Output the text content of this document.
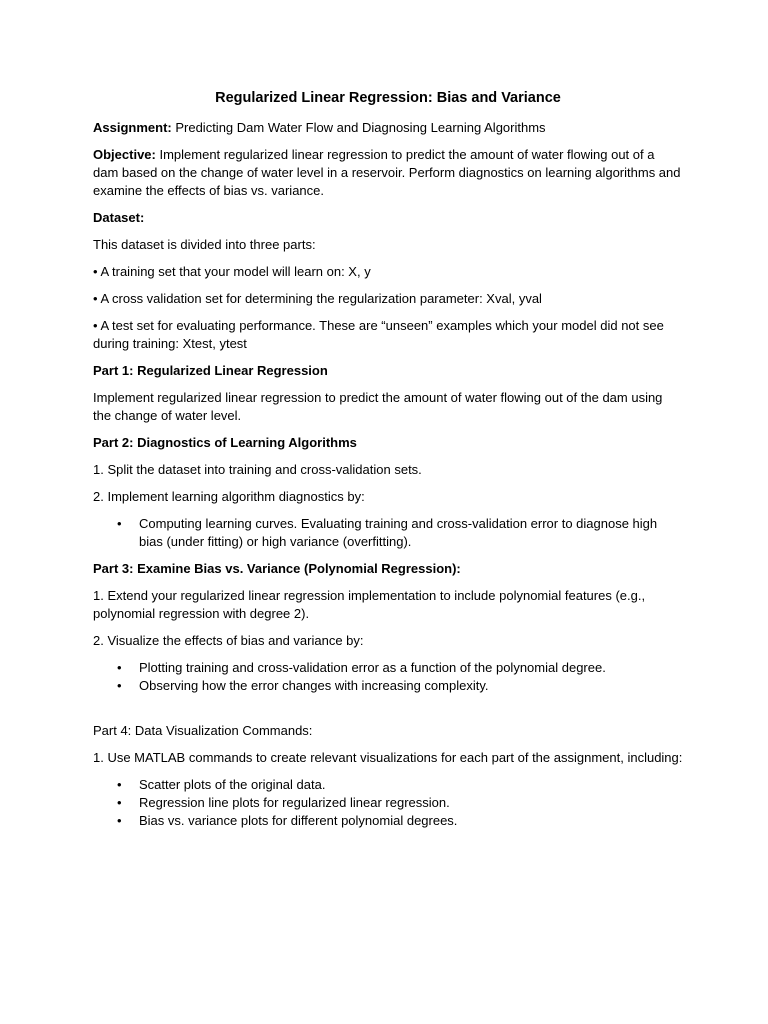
Regularized Linear Regression: Bias and Variance

Assignment: Predicting Dam Water Flow and Diagnosing Learning Algorithms

Objective: Implement regularized linear regression to predict the amount of water flowing out of a dam based on the change of water level in a reservoir. Perform diagnostics on learning algorithms and examine the effects of bias vs. variance.

Dataset:

This dataset is divided into three parts:

• A training set that your model will learn on: X, y

• A cross validation set for determining the regularization parameter: Xval, yval

• A test set for evaluating performance. These are “unseen” examples which your model did not see during training: Xtest, ytest

Part 1: Regularized Linear Regression

Implement regularized linear regression to predict the amount of water flowing out of the dam using the change of water level.

Part 2: Diagnostics of Learning Algorithms

1. Split the dataset into training and cross-validation sets.

2. Implement learning algorithm diagnostics by:

• Computing learning curves. Evaluating training and cross-validation error to diagnose high bias (under fitting) or high variance (overfitting).

Part 3: Examine Bias vs. Variance (Polynomial Regression):

1. Extend your regularized linear regression implementation to include polynomial features (e.g., polynomial regression with degree 2).

2. Visualize the effects of bias and variance by:

• Plotting training and cross-validation error as a function of the polynomial degree.
• Observing how the error changes with increasing complexity.

Part 4: Data Visualization Commands:

1. Use MATLAB commands to create relevant visualizations for each part of the assignment, including:

• Scatter plots of the original data.
• Regression line plots for regularized linear regression.
• Bias vs. variance plots for different polynomial degrees.
